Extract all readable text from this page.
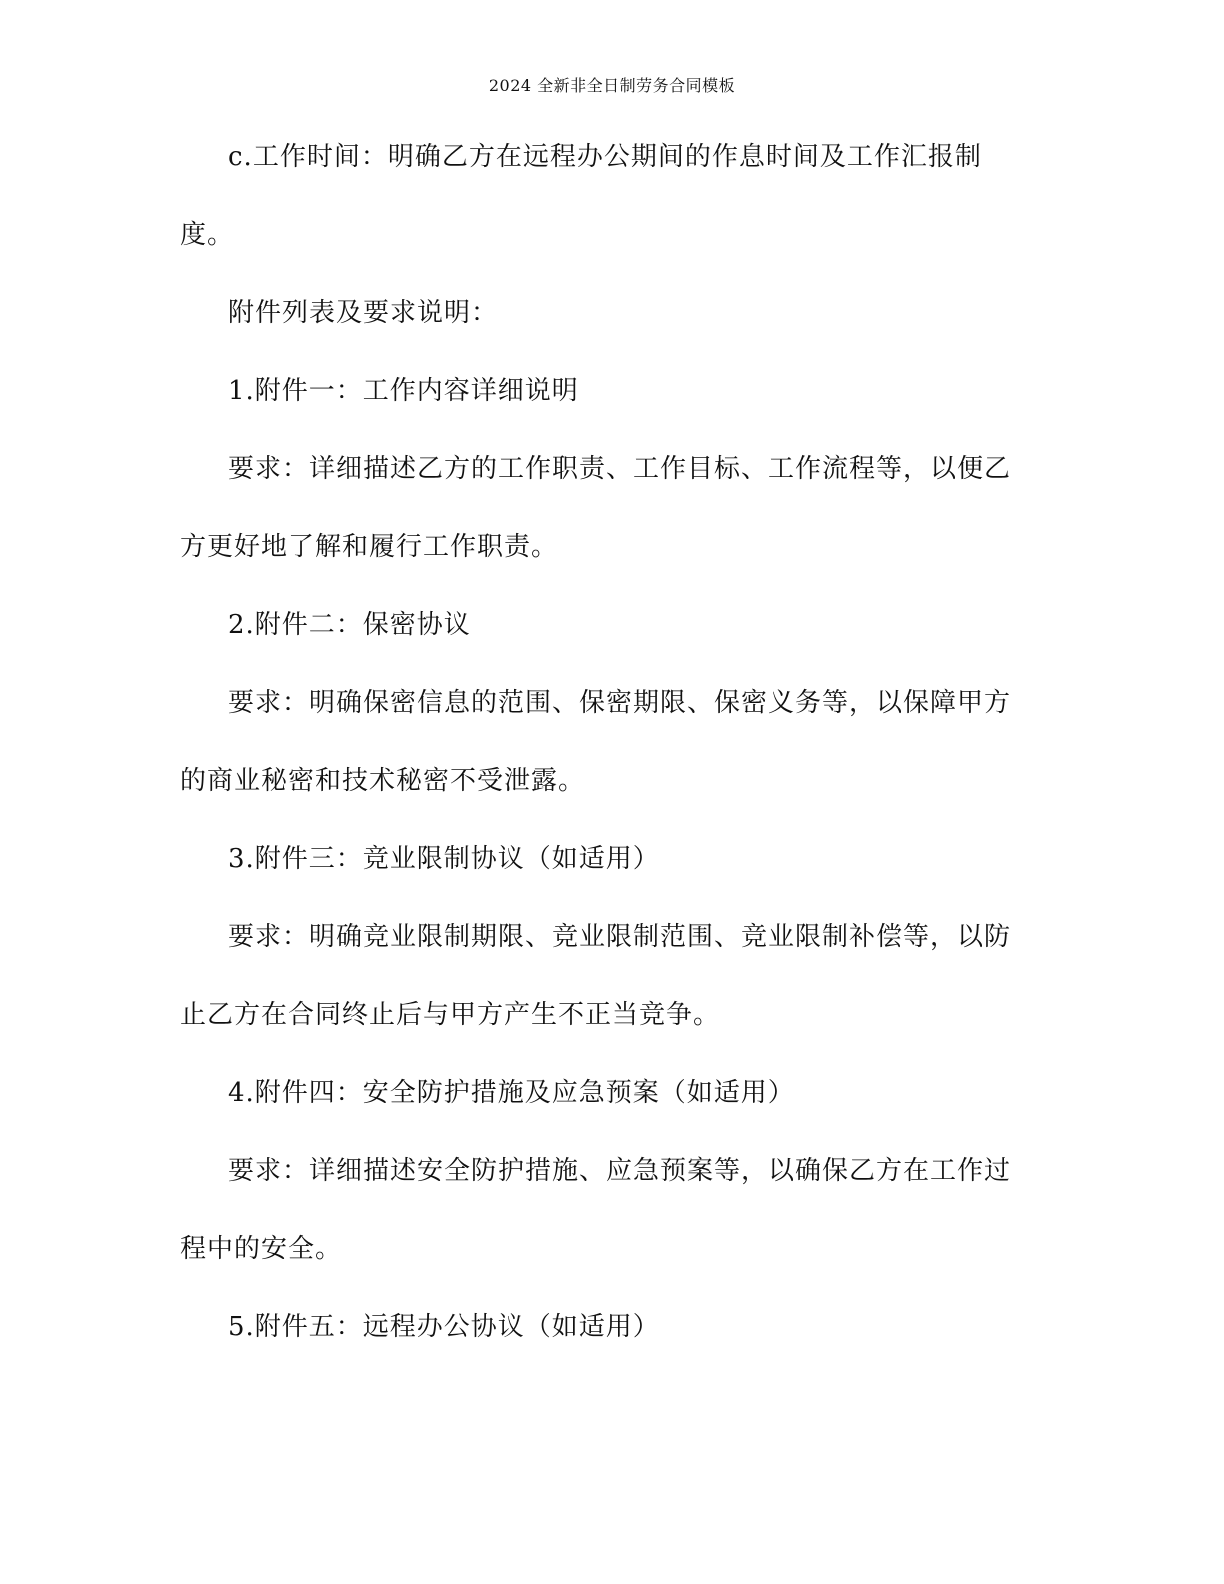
2024 全新非全日制劳务合同模板
c.工作时间：明确乙方在远程办公期间的作息时间及工作汇报制
度。
附件列表及要求说明：
1.附件一：工作内容详细说明
要求：详细描述乙方的工作职责、工作目标、工作流程等，以便乙
方更好地了解和履行工作职责。
2.附件二：保密协议
要求：明确保密信息的范围、保密期限、保密义务等，以保障甲方
的商业秘密和技术秘密不受泄露。
3.附件三：竞业限制协议（如适用）
要求：明确竞业限制期限、竞业限制范围、竞业限制补偿等，以防
止乙方在合同终止后与甲方产生不正当竞争。
4.附件四：安全防护措施及应急预案（如适用）
要求：详细描述安全防护措施、应急预案等，以确保乙方在工作过
程中的安全。
5.附件五：远程办公协议（如适用）
